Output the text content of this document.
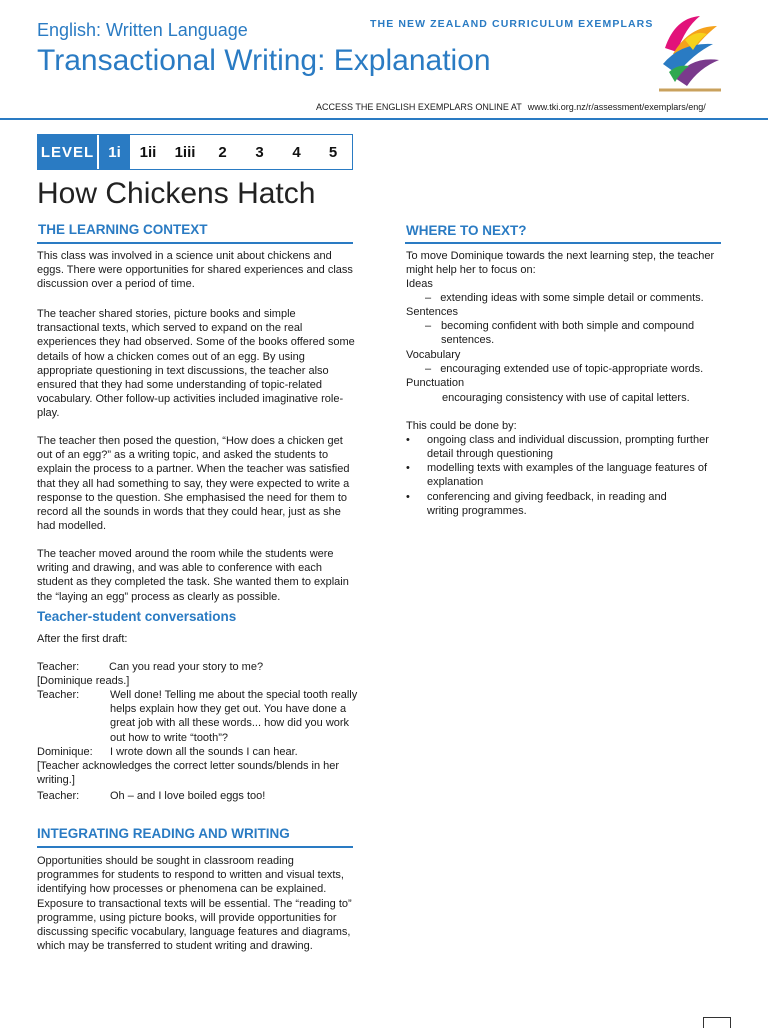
English: Written Language
Transactional Writing: Explanation
THE NEW ZEALAND CURRICULUM EXEMPLARS
ACCESS THE ENGLISH EXEMPLARS ONLINE AT www.tki.org.nz/r/assessment/exemplars/eng/
LEVEL 1i	1ii	1iii	2	3	4	5
How Chickens Hatch
THE LEARNING CONTEXT
This class was involved in a science unit about chickens and eggs. There were opportunities for shared experiences and class discussion over a period of time.
The teacher shared stories, picture books and simple transactional texts, which served to expand on the real experiences they had observed. Some of the books offered some details of how a chicken comes out of an egg. By using appropriate questioning in text discussions, the teacher also ensured that they had some understanding of topic-related vocabulary. Other follow-up activities included imaginative role-play.
The teacher then posed the question, “How does a chicken get out of an egg?” as a writing topic, and asked the students to explain the process to a partner. When the teacher was satisfied that they all had something to say, they were expected to write a response to the question. She emphasised the need for them to record all the sounds in words that they could hear, just as she had modelled.
The teacher moved around the room while the students were writing and drawing, and was able to conference with each student as they completed the task. She wanted them to explain the “laying an egg” process as clearly as possible.
Teacher-student conversations
After the first draft:
Teacher:	Can you read your story to me?
[Dominique reads.]
Teacher:	Well done! Telling me about the special tooth really helps explain how they get out. You have done a great job with all these words... how did you work out how to write “tooth”?
Dominique:	I wrote down all the sounds I can hear.
[Teacher acknowledges the correct letter sounds/blends in her writing.]
Teacher:	Oh – and I love boiled eggs too!
INTEGRATING READING AND WRITING
Opportunities should be sought in classroom reading programmes for students to respond to written and visual texts, identifying how processes or phenomena can be explained. Exposure to transactional texts will be essential. The “reading to” programme, using picture books, will provide opportunities for discussing specific vocabulary, language features and diagrams, which may be transferred to student writing and drawing.
WHERE TO NEXT?
To move Dominique towards the next learning step, the teacher might help her to focus on:
Ideas
– extending ideas with some simple detail or comments.
Sentences
– becoming confident with both simple and compound sentences.
Vocabulary
– encouraging extended use of topic-appropriate words.
Punctuation
encouraging consistency with use of capital letters.
This could be done by:
• ongoing class and individual discussion, prompting further detail through questioning
• modelling texts with examples of the language features of explanation
• conferencing and giving feedback, in reading and writing programmes.
